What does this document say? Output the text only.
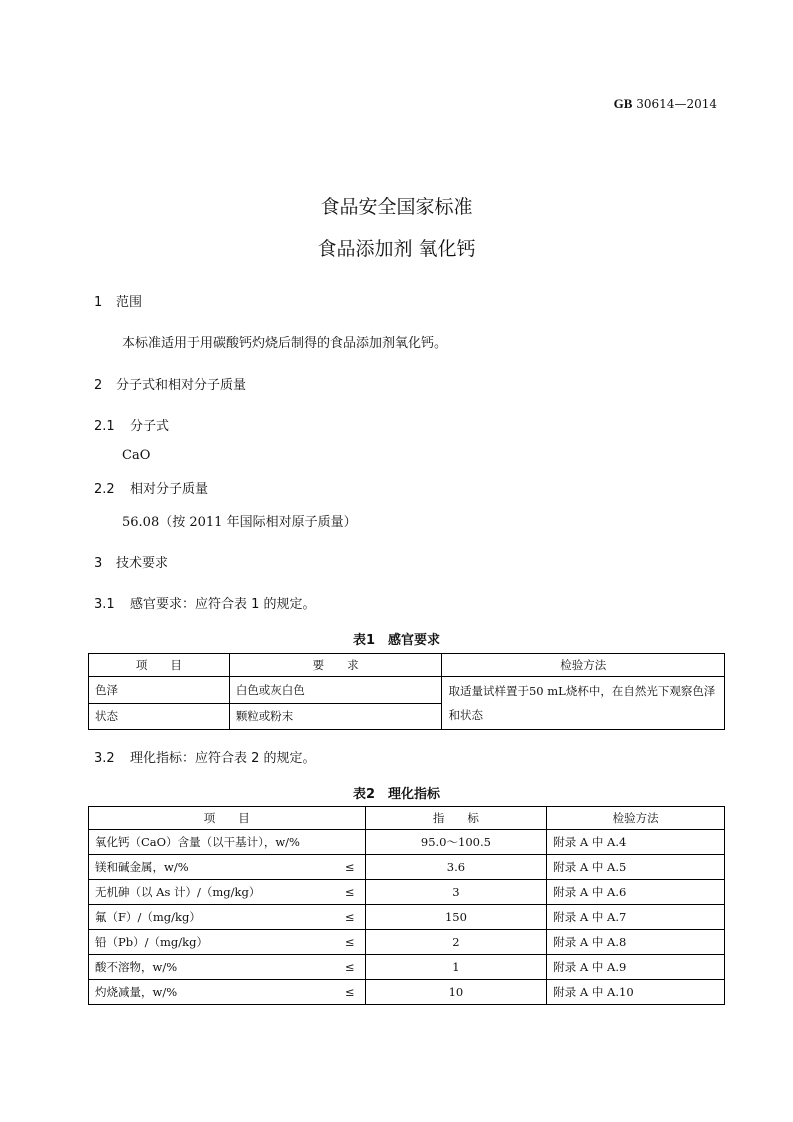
GB 30614—2014
食品安全国家标准
食品添加剂 氧化钙
1 范围
本标准适用于用碳酸钙灼烧后制得的食品添加剂氧化钙。
2 分子式和相对分子质量
2.1 分子式
CaO
2.2 相对分子质量
56.08（按 2011 年国际相对原子质量）
3 技术要求
3.1 感官要求：应符合表 1 的规定。
表1　感官要求
项　　目	要　　求	检验方法
色泽	白色或灰白色	取适量试样置于50 mL烧杯中，在自然光下观察色泽和状态
状态	颗粒或粉末	
3.2 理化指标：应符合表 2 的规定。
表2　理化指标
项　　目	指　　标	检验方法
氧化钙（CaO）含量（以干基计），w/%	95.0～100.5	附录 A 中 A.4
镁和碱金属，w/% ≤	3.6	附录 A 中 A.5
无机砷（以 As 计）/（mg/kg） ≤	3	附录 A 中 A.6
氟（F）/（mg/kg） ≤	150	附录 A 中 A.7
铅（Pb）/（mg/kg） ≤	2	附录 A 中 A.8
酸不溶物，w/% ≤	1	附录 A 中 A.9
灼烧减量，w/% ≤	10	附录 A 中 A.10
